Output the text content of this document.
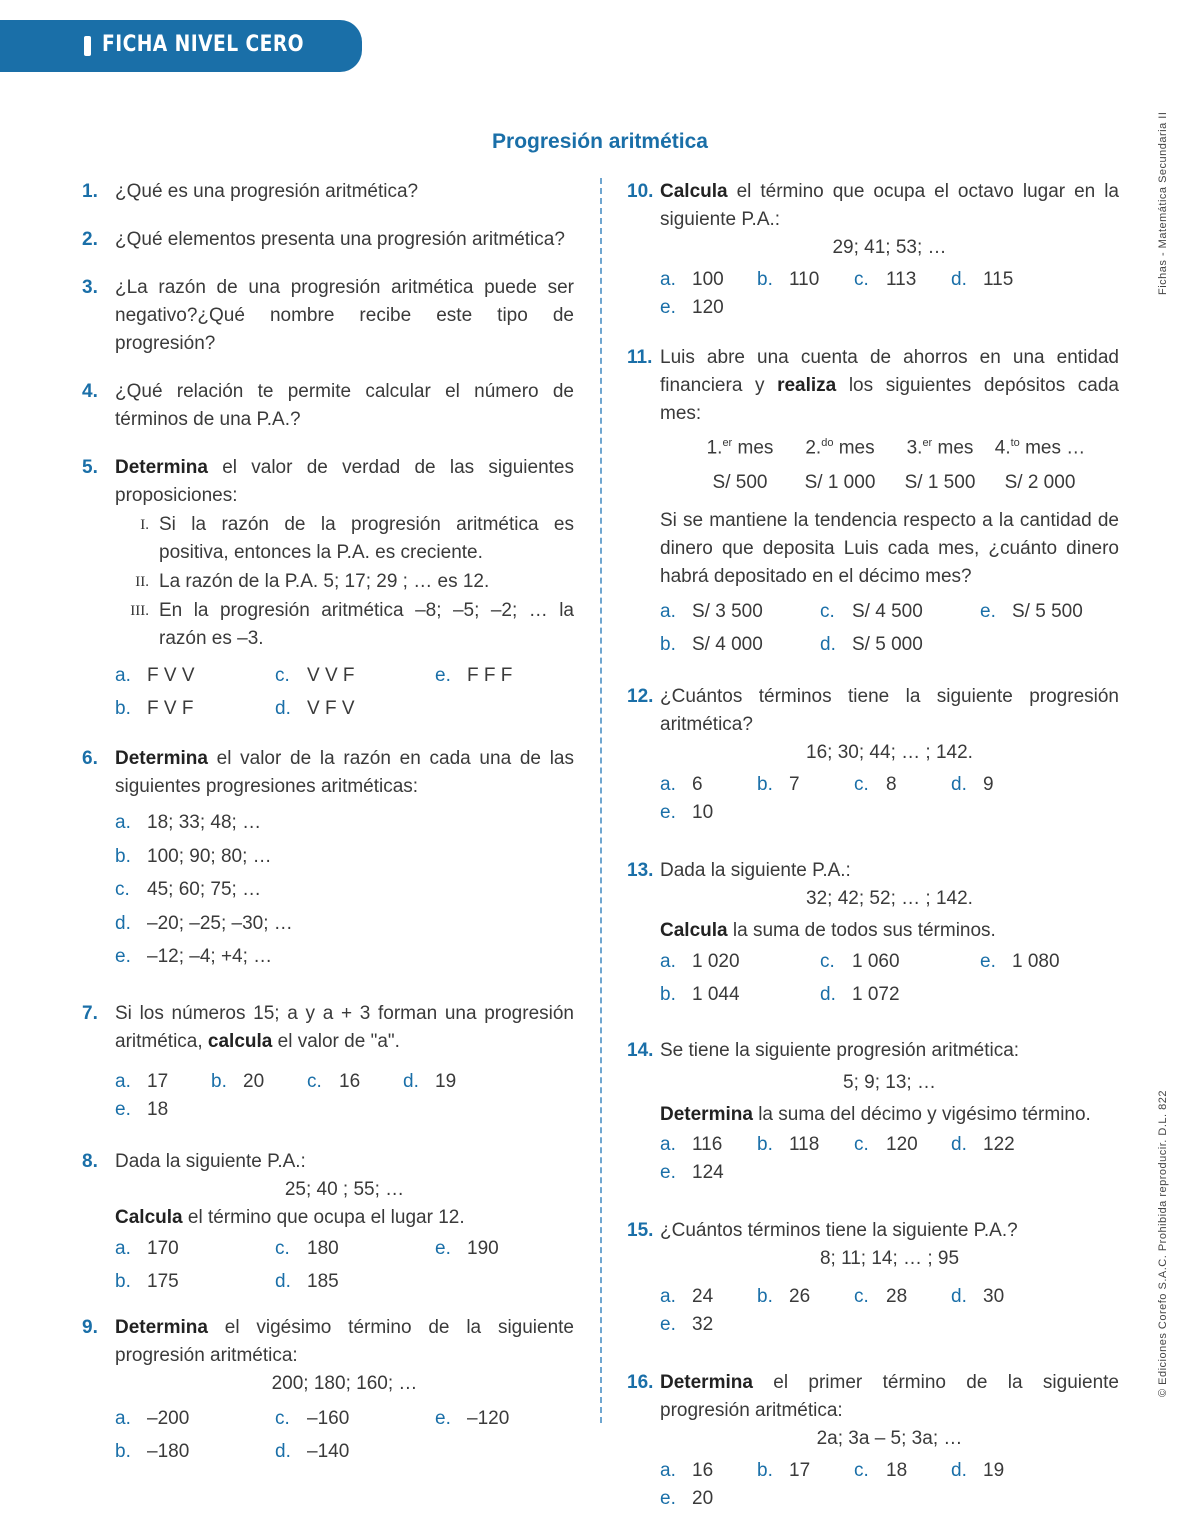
FICHA NIVEL CERO
Progresión aritmética	Fichas - Matemática Secundaria II
© Ediciones Corefo S.A.C. Prohibida reproducir. D.L. 822
1. ¿Qué es una progresión aritmética?
2. ¿Qué elementos presenta una progresión aritmética?
3. ¿La razón de una progresión aritmética puede ser negativo?¿Qué nombre recibe este tipo de progresión?
4. ¿Qué relación te permite calcular el número de términos de una P.A.?
5. Determina el valor de verdad de las siguientes proposiciones:
I. Si la razón de la progresión aritmética es positiva, entonces la P.A. es creciente.
II. La razón de la P.A. 5; 17; 29 ; … es 12.
III. En la progresión aritmética –8; –5; –2; … la razón es –3.
a. F V V	c. V V F	e. F F F
b. F V F	d. V F V
6. Determina el valor de la razón en cada una de las siguientes progresiones aritméticas:
a. 18; 33; 48; …
b. 100; 90; 80; …
c. 45; 60; 75; …
d. –20; –25; –30; …
e. –12; –4; +4; …
7. Si los números 15; a y a + 3 forman una progresión aritmética, calcula el valor de "a".
a. 17 b. 20 c. 16 d. 19
e. 18
8. Dada la siguiente P.A.:
25; 40 ; 55; …
Calcula el término que ocupa el lugar 12.
a. 170	c. 180	e. 190
b. 175	d. 185
9. Determina el vigésimo término de la siguiente progresión aritmética:
200; 180; 160; …
a. –200	c. –160	e. –120
b. –180	d. –140
10. Calcula el término que ocupa el octavo lugar en la siguiente P.A.:
29; 41; 53; …
a. 100 b. 110 c. 113 d. 115
e. 120
11. Luis abre una cuenta de ahorros en una entidad financiera y realiza los siguientes depósitos cada mes:
1.$^{er}$ mes	2.$^{do}$ mes	3.$^{er}$ mes	4.$^{to}$ mes …
S/ 500	S/ 1 000	S/ 1 500	S/ 2 000
Si se mantiene la tendencia respecto a la cantidad de dinero que deposita Luis cada mes, ¿cuánto dinero habrá depositado en el décimo mes?
a. S/ 3 500	c. S/ 4 500	e. S/ 5 500
b. S/ 4 000	d. S/ 5 000
12. ¿Cuántos términos tiene la siguiente progresión aritmética?
16; 30; 44; … ; 142.
a. 6	b. 7	c. 8	d. 9
e. 10
13. Dada la siguiente P.A.:
32; 42; 52; … ; 142.
Calcula la suma de todos sus términos.
a. 1 020	c. 1 060	e. 1 080
b. 1 044	d. 1 072
14. Se tiene la siguiente progresión aritmética:
5; 9; 13; …
Determina la suma del décimo y vigésimo término.
a. 116 b. 118 c. 120 d. 122
e. 124
15. ¿Cuántos términos tiene la siguiente P.A.?
8; 11; 14; … ; 95
a. 24 b. 26 c. 28 d. 30
e. 32
16. Determina el primer término de la siguiente progresión aritmética:
2a; 3a – 5; 3a; …
a. 16 b. 17 c. 18 d. 19
e. 20
